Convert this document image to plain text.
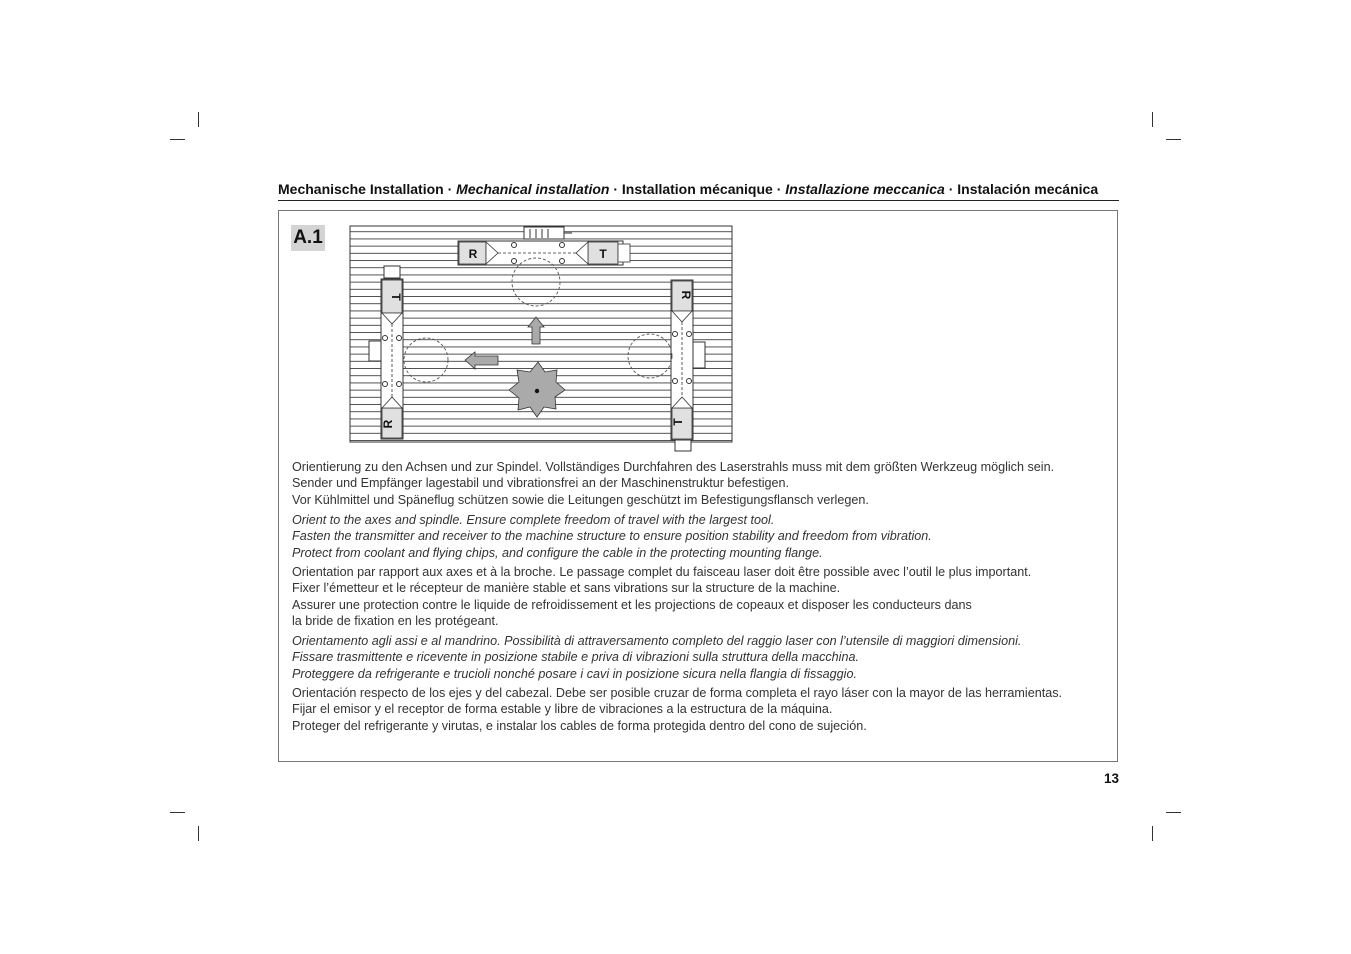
Mechanische Installation · Mechanical installation · Installation mécanique · Installazione meccanica · Instalación mecánica
A.1
R	T
T
R
R
T
Orientierung zu den Achsen und zur Spindel. Vollständiges Durchfahren des Laserstrahls muss mit dem größten Werkzeug möglich sein.
Sender und Empfänger lagestabil und vibrationsfrei an der Maschinenstruktur befestigen.
Vor Kühlmittel und Späneflug schützen sowie die Leitungen geschützt im Befestigungsflansch verlegen.
Orient to the axes and spindle. Ensure complete freedom of travel with the largest tool.
Fasten the transmitter and receiver to the machine structure to ensure position stability and freedom from vibration.
Protect from coolant and flying chips, and configure the cable in the protecting mounting flange.
Orientation par rapport aux axes et à la broche. Le passage complet du faisceau laser doit être possible avec l’outil le plus important.
Fixer l’émetteur et le récepteur de manière stable et sans vibrations sur la structure de la machine.
Assurer une protection contre le liquide de refroidissement et les projections de copeaux et disposer les conducteurs dans
la bride de fixation en les protégeant.
Orientamento agli assi e al mandrino. Possibilità di attraversamento completo del raggio laser con l’utensile di maggiori dimensioni.
Fissare trasmittente e ricevente in posizione stabile e priva di vibrazioni sulla struttura della macchina.
Proteggere da refrigerante e trucioli nonché posare i cavi in posizione sicura nella flangia di fissaggio.
Orientación respecto de los ejes y del cabezal. Debe ser posible cruzar de forma completa el rayo láser con la mayor de las herramientas.
Fijar el emisor y el receptor de forma estable y libre de vibraciones a la estructura de la máquina.
Proteger del refrigerante y virutas, e instalar los cables de forma protegida dentro del cono de sujeción.
13
